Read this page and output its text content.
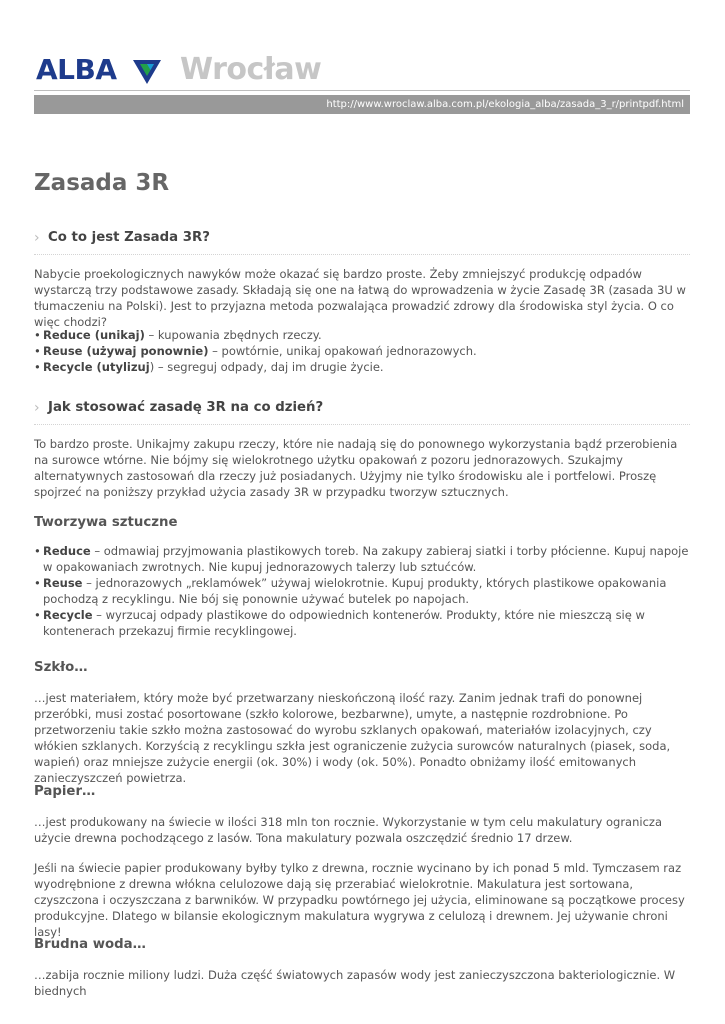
ALBA Wrocław
http://www.wroclaw.alba.com.pl/ekologia_alba/zasada_3_r/printpdf.html
Zasada 3R
› Co to jest Zasada 3R?

Nabycie proekologicznych nawyków może okazać się bardzo proste. Żeby zmniejszyć produkcję odpadów wystarczą trzy podstawowe zasady. Składają się one na łatwą do wprowadzenia w życie Zasadę 3R (zasada 3U w tłumaczeniu na Polski). Jest to przyjazna metoda pozwalająca prowadzić zdrowy dla środowiska styl życia. O co więc chodzi?

• Reduce (unikaj) – kupowania zbędnych rzeczy.
• Reuse (używaj ponownie) – powtórnie, unikaj opakowań jednorazowych.
• Recycle (utylizuj) – segreguj odpady, daj im drugie życie.
› Jak stosować zasadę 3R na co dzień?

To bardzo proste. Unikajmy zakupu rzeczy, które nie nadają się do ponownego wykorzystania bądź przerobienia na surowce wtórne. Nie bójmy się wielokrotnego użytku opakowań z pozoru jednorazowych. Szukajmy alternatywnych zastosowań dla rzeczy już posiadanych. Użyjmy nie tylko środowisku ale i portfelowi. Proszę spojrzeć na poniższy przykład użycia zasady 3R w przypadku tworzyw sztucznych.

Tworzywa sztuczne
• Reduce – odmawiaj przyjmowania plastikowych toreb. Na zakupy zabieraj siatki i torby płócienne. Kupuj napoje w opakowaniach zwrotnych. Nie kupuj jednorazowych talerzy lub sztućców.
• Reuse – jednorazowych „reklamówek” używaj wielokrotnie. Kupuj produkty, których plastikowe opakowania pochodzą z recyklingu. Nie bój się ponownie używać butelek po napojach.
• Recycle – wyrzucaj odpady plastikowe do odpowiednich kontenerów. Produkty, które nie mieszczą się w kontenerach przekazuj firmie recyklingowej.
Szkło…

…jest materiałem, który może być przetwarzany nieskończoną ilość razy. Zanim jednak trafi do ponownej przeróbki, musi zostać posortowane (szkło kolorowe, bezbarwne), umyte, a następnie rozdrobnione. Po przetworzeniu takie szkło można zastosować do wyrobu szklanych opakowań, materiałów izolacyjnych, czy włókien szklanych. Korzyścią z recyklingu szkła jest ograniczenie zużycia surowców naturalnych (piasek, soda, wapień) oraz mniejsze zużycie energii (ok. 30%) i wody (ok. 50%). Ponadto obniżamy ilość emitowanych zanieczyszczeń powietrza.

Papier…

…jest produkowany na świecie w ilości 318 mln ton rocznie. Wykorzystanie w tym celu makulatury ogranicza użycie drewna pochodzącego z lasów. Tona makulatury pozwala oszczędzić średnio 17 drzew.

Jeśli na świecie papier produkowany byłby tylko z drewna, rocznie wycinano by ich ponad 5 mld. Tymczasem raz wyodrębnione z drewna włókna celulozowe dają się przerabiać wielokrotnie. Makulatura jest sortowana, czyszczona i oczyszczana z barwników. W przypadku powtórnego jej użycia, eliminowane są początkowe procesy produkcyjne. Dlatego w bilansie ekologicznym makulatura wygrywa z celulozą i drewnem. Jej używanie chroni lasy!

Brudna woda…

…zabija rocznie miliony ludzi. Duża część światowych zapasów wody jest zanieczyszczona bakteriologicznie. W biednych
